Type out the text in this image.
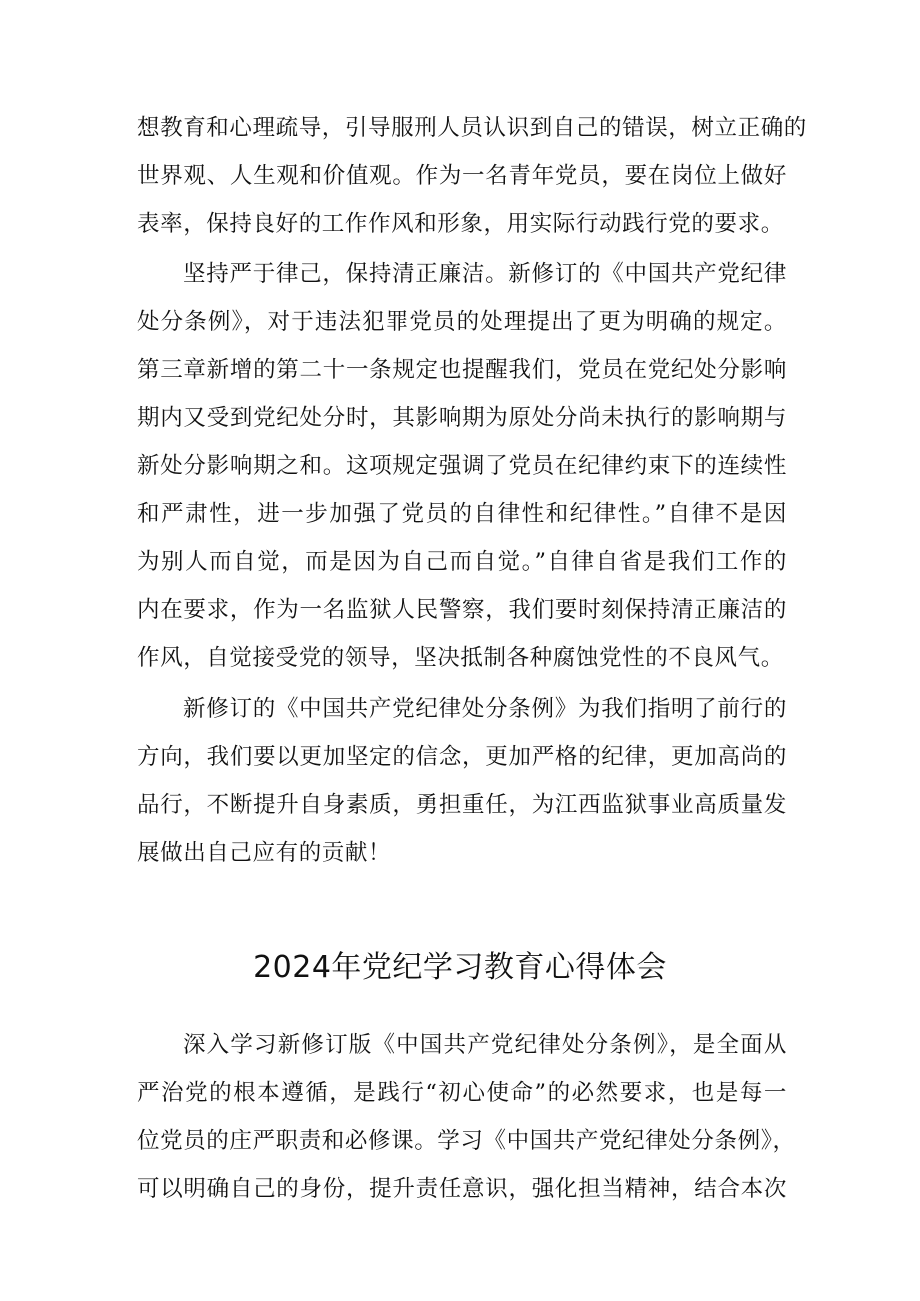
想教育和心理疏导，引导服刑人员认识到自己的错误，树立正确的
世界观、人生观和价值观。作为一名青年党员，要在岗位上做好
表率，保持良好的工作作风和形象，用实际行动践行党的要求。
坚持严于律己，保持清正廉洁。新修订的《中国共产党纪律
处分条例》，对于违法犯罪党员的处理提出了更为明确的规定。
第三章新增的第二十一条规定也提醒我们，党员在党纪处分影响
期内又受到党纪处分时，其影响期为原处分尚未执行的影响期与
新处分影响期之和。这项规定强调了党员在纪律约束下的连续性
和严肃性，进一步加强了党员的自律性和纪律性。”自律不是因
为别人而自觉，而是因为自己而自觉。”自律自省是我们工作的
内在要求，作为一名监狱人民警察，我们要时刻保持清正廉洁的
作风，自觉接受党的领导，坚决抵制各种腐蚀党性的不良风气。
新修订的《中国共产党纪律处分条例》为我们指明了前行的
方向，我们要以更加坚定的信念，更加严格的纪律，更加高尚的
品行，不断提升自身素质，勇担重任，为江西监狱事业高质量发
展做出自己应有的贡献！
2024年党纪学习教育心得体会
深入学习新修订版《中国共产党纪律处分条例》，是全面从
严治党的根本遵循，是践行“初心使命”的必然要求，也是每一
位党员的庄严职责和必修课。学习《中国共产党纪律处分条例》，
可以明确自己的身份，提升责任意识，强化担当精神，结合本次
